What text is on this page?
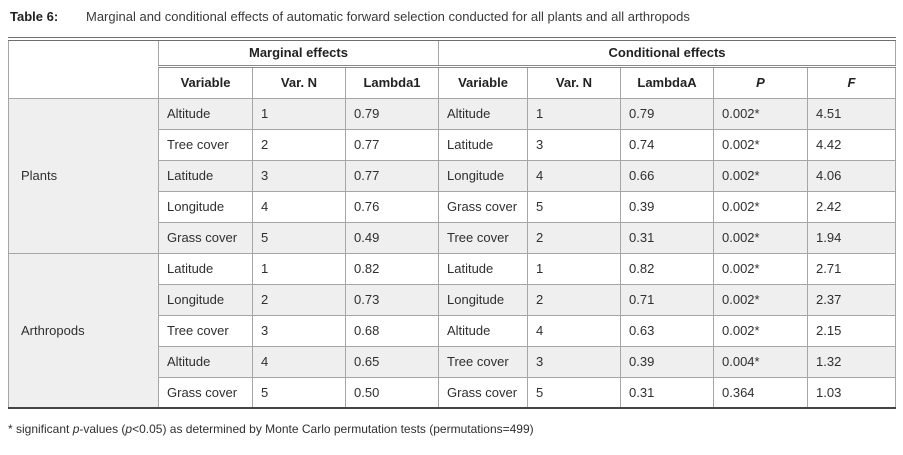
Table 6:	Marginal and conditional effects of automatic forward selection conducted for all plants and all arthropods
	Marginal effects			Conditional effects				
	Variable	Var. N	Lambda1	Variable	Var. N	LambdaA	P	F
Plants	Altitude	1	0.79	Altitude	1	0.79	0.002*	4.51
	Tree cover	2	0.77	Latitude	3	0.74	0.002*	4.42
	Latitude	3	0.77	Longitude	4	0.66	0.002*	4.06
	Longitude	4	0.76	Grass cover	5	0.39	0.002*	2.42
	Grass cover	5	0.49	Tree cover	2	0.31	0.002*	1.94
Arthropods	Latitude	1	0.82	Latitude	1	0.82	0.002*	2.71
	Longitude	2	0.73	Longitude	2	0.71	0.002*	2.37
	Tree cover	3	0.68	Altitude	4	0.63	0.002*	2.15
	Altitude	4	0.65	Tree cover	3	0.39	0.004*	1.32
	Grass cover	5	0.50	Grass cover	5	0.31	0.364	1.03
* significant p-values (p<0.05) as determined by Monte Carlo permutation tests (permutations=499)
